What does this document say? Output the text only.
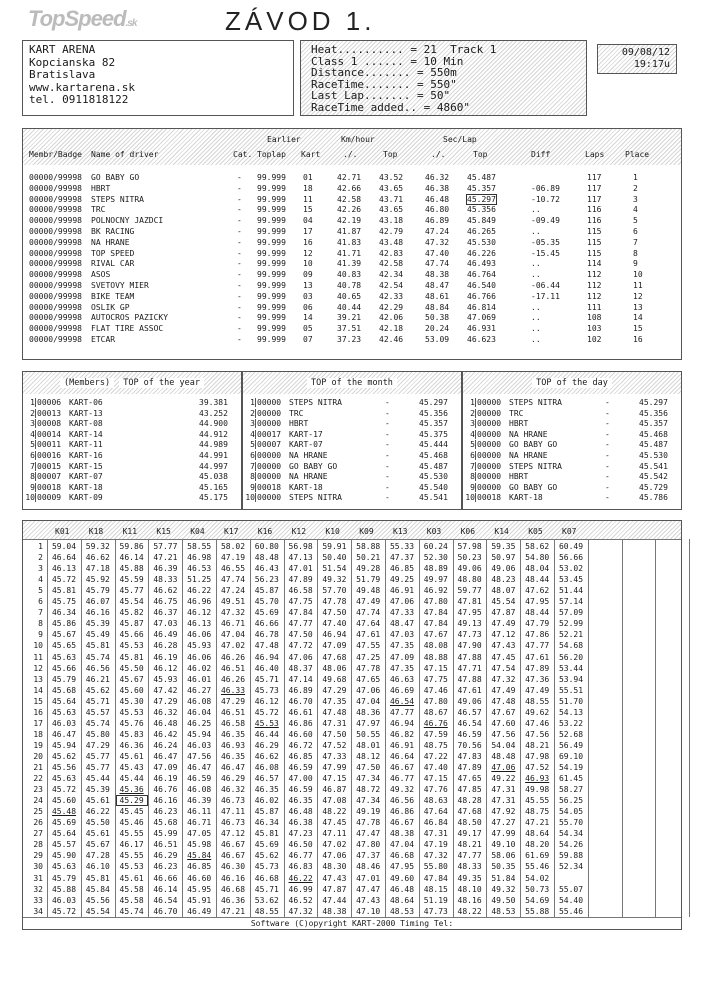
TopSpeed.sk	ZÁVOD 1.
KART ARENA
Kopcianska 82
Bratislava
www.kartarena.sk
tel. 0911818122
Heat.......... = 21  Track 1
Class 1 ...... = 10 Min
Distance....... = 550m
RaceTime....... = 550"
Last Lap....... = 50"
RaceTime added.. = 4860"
09/08/12
19:17u
Earlier	Km/hour	Sec/Lap
Membr/Badge Name of driver	Cat. Toplap Kart	./.	Top	./.	Top	Diff	Laps	Place
00000/99998 GO BABY GO	- 99.999 01	42.71 43.52	46.32 45.487	117	1
00000/99998 HBRT	- 99.999 18	42.66 43.65	46.38 45.357	-06.89	117	2
00000/99998 STEPS NITRA	- 99.999 11	42.58 43.71	46.48 45.297	-10.72	117	3
00000/99998 TRC	- 99.999 15	42.26 43.65	46.80 45.356	..	116	4
00000/99998 POLNOCNY JAZDCI	- 99.999 04	42.19 43.18	46.89 45.849	-09.49	116	5
00000/99998 BK RACING	- 99.999 17	41.87 42.79	47.24 46.265	..	115	6
00000/99998 NA HRANE	- 99.999 16	41.83 43.48	47.32 45.530	-05.35	115	7
00000/99998 TOP SPEED	- 99.999 12	41.71 42.83	47.40 46.226	-15.45	115	8
00000/99998 RIVAL CAR	- 99.999 10	41.39 42.58	47.74 46.493	..	114	9
00000/99998 ASOS	- 99.999 09	40.83 42.34	48.38 46.764	..	112	10
00000/99998 SVETOVY MIER	- 99.999 13	40.78 42.54	48.47 46.540	-06.44	112	11
00000/99998 BIKE TEAM	- 99.999 03	40.65 42.33	48.61 46.766	-17.11	112	12
00000/99998 OSLIK GP	- 99.999 06	40.44 42.29	48.84 46.814	..	111	13
00000/99998 AUTOCROS PAZICKY	- 99.999 14	39.21 42.06	50.38 47.069	..	108	14
00000/99998 FLAT TIRE ASSOC	- 99.999 05	37.51 42.18	20.24 46.931	..	103	15
00000/99998 ETCAR	- 99.999 07	37.23 42.46	53.09 46.623	..	102	16
(Members) TOP of the year
1 00006 KART-06	39.381
2 00013 KART-13	43.252
3 00008 KART-08	44.900
4 00014 KART-14	44.912
5 00011 KART-11	44.989
6 00016 KART-16	44.991
7 00015 KART-15	44.997
8 00007 KART-07	45.038
9 00018 KART-18	45.165
10 00009 KART-09	45.175
TOP of the month
1 00000 STEPS NITRA	-	45.297
2 00000 TRC	-	45.356
3 00000 HBRT	-	45.357
4 00017 KART-17	-	45.375
5 00007 KART-07	-	45.444
6 00000 NA HRANE	-	45.468
7 00000 GO BABY GO	-	45.487
8 00000 NA HRANE	-	45.530
9 00018 KART-18	-	45.540
10 00000 STEPS NITRA	-	45.541
TOP of the day
1 00000 STEPS NITRA	-	45.297
2 00000 TRC	-	45.356
3 00000 HBRT	-	45.357
4 00000 NA HRANE	-	45.468
5 00000 GO BABY GO	-	45.487
6 00000 NA HRANE	-	45.530
7 00000 STEPS NITRA	-	45.541
8 00000 HBRT	-	45.542
9 00000 GO BABY GO	-	45.729
10 00018 KART-18	-	45.786
K01 K18 K11 K15 K04 K17 K16 K12 K10 K09 K13 K03 K06 K14 K05 K07
1	59.04	59.32	59.86	57.77	58.55	58.02	60.80	56.98	59.91	58.88	55.33	60.24	57.98	59.35	58.62	60.49
2	46.64	46.62	46.14	47.21	46.98	47.19	48.48	47.13	50.40	50.21	47.37	52.30	50.23	50.97	54.80	56.66
3	46.13	47.18	45.88	46.39	46.53	46.55	46.43	47.01	51.54	49.28	46.85	48.89	49.06	49.06	48.04	53.02
4	45.72	45.92	45.59	48.33	51.25	47.74	56.23	47.89	49.32	51.79	49.25	49.97	48.80	48.23	48.44	53.45
5	45.81	45.79	45.77	46.62	46.22	47.24	45.87	46.58	57.70	49.48	46.91	46.92	59.77	48.07	47.62	51.44
6	45.75	46.07	45.54	46.75	46.96	49.51	45.70	47.75	47.78	47.49	47.06	47.80	47.81	45.54	47.95	57.14
7	46.34	46.16	45.82	46.37	46.12	47.32	45.69	47.84	47.50	47.74	47.33	47.84	47.95	47.87	48.44	57.09
8	45.86	45.39	45.87	47.03	46.13	46.71	46.66	47.77	47.40	47.64	48.47	47.84	49.13	47.49	47.79	52.99
9	45.67	45.49	45.66	46.49	46.06	47.04	46.78	47.50	46.94	47.61	47.03	47.67	47.73	47.12	47.86	52.21
10	45.65	45.81	45.53	46.28	45.93	47.02	47.48	47.72	47.09	47.55	47.35	48.08	47.90	47.43	47.77	54.68
11	45.63	45.74	45.81	46.19	46.06	46.26	46.94	47.06	47.68	47.25	47.09	48.88	47.88	47.45	47.61	56.20
12	45.66	46.56	45.50	46.12	46.02	46.51	46.40	48.37	48.06	47.78	47.35	47.15	47.71	47.54	47.89	53.44
13	45.79	46.21	45.67	45.93	46.01	46.26	45.71	47.14	49.68	47.65	46.63	47.75	47.88	47.32	47.36	53.94
14	45.68	45.62	45.60	47.42	46.27	46.33	45.73	46.89	47.29	47.06	46.69	47.46	47.61	47.49	47.49	55.51
15	45.64	45.71	45.30	47.29	46.08	47.29	46.12	46.70	47.35	47.04	46.54	47.80	49.06	47.48	48.55	51.70
16	45.63	45.57	45.53	46.32	46.04	46.51	45.72	46.61	47.48	48.36	47.77	48.67	46.57	47.67	49.62	54.13
17	46.03	45.74	45.76	46.48	46.25	46.58	45.53	46.86	47.31	47.97	46.94	46.76	46.54	47.60	47.46	53.22
18	46.47	45.80	45.83	46.42	45.94	46.35	46.44	46.60	47.50	50.55	46.82	47.59	46.59	47.56	47.56	52.68
19	45.94	47.29	46.36	46.24	46.03	46.93	46.29	46.72	47.52	48.01	46.91	48.75	70.56	54.04	48.21	56.49
20	45.62	45.77	45.61	46.47	47.56	46.35	46.62	46.85	47.33	48.12	46.64	47.22	47.83	48.48	47.98	69.10
21	45.56	45.77	45.43	47.09	46.47	46.47	46.08	46.59	47.99	47.50	46.67	47.40	47.89	47.06	47.52	54.19
22	45.63	45.44	45.44	46.19	46.59	46.29	46.57	47.00	47.15	47.34	46.77	47.15	47.65	49.22	46.93	61.45
23	45.72	45.39	45.36	46.76	46.08	46.32	46.35	46.59	46.87	48.72	49.32	47.76	47.85	47.31	49.98	58.27
24	45.60	45.61	45.29	46.16	46.39	46.73	46.02	46.35	47.08	47.34	46.56	48.63	48.28	47.31	45.55	56.25
25	45.48	46.22	45.45	46.23	46.11	47.11	45.87	46.48	48.22	49.19	46.86	47.64	47.68	47.92	48.75	54.05
26	45.69	45.50	45.46	45.68	46.71	46.73	46.34	46.38	47.45	47.78	46.67	46.84	48.50	47.27	47.21	55.70
27	45.64	45.61	45.55	45.99	47.05	47.12	45.81	47.23	47.11	47.47	48.38	47.31	49.17	47.99	48.64	54.34
28	45.57	45.67	46.17	46.51	45.98	46.67	45.69	46.50	47.02	47.80	47.04	47.19	48.21	49.10	48.20	54.26
29	45.90	47.28	45.55	46.29	45.84	46.67	45.62	46.77	47.06	47.37	46.68	47.32	47.77	58.06	61.69	59.88
30	45.63	46.10	45.53	46.23	46.85	46.30	45.73	46.83	48.30	48.46	47.95	55.80	48.33	50.35	55.46	52.34
31	45.79	45.81	45.61	46.66	46.60	46.16	46.68	46.22	47.43	47.01	49.60	47.84	49.35	51.84	54.02
32	45.88	45.84	45.58	46.14	45.95	46.68	45.71	46.99	47.87	47.47	46.48	48.15	48.10	49.32	50.73	55.07
33	46.03	45.56	45.58	46.54	45.91	46.36	53.62	46.52	47.44	47.43	48.64	51.19	48.16	49.50	54.69	54.40
34	45.72	45.54	45.74	46.70	46.49	47.21	48.55	47.32	48.38	47.10	48.53	47.73	48.22	48.53	55.88	55.46
Software (C)opyright KART-2000 Timing Tel:
